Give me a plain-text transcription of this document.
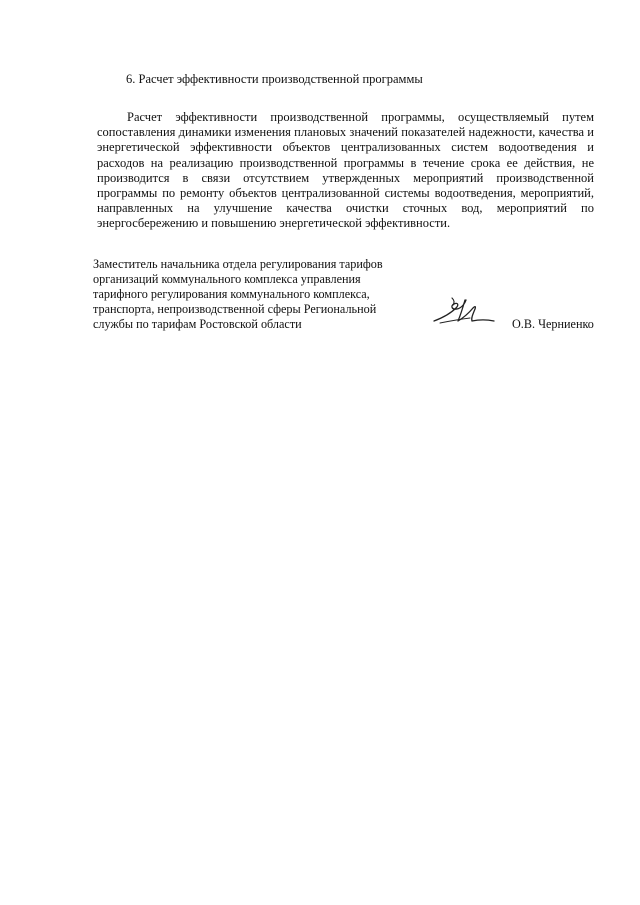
6. Расчет эффективности производственной программы

Расчет эффективности производственной программы, осуществляемый путем сопоставления динамики изменения плановых значений показателей надежности, качества и энергетической эффективности объектов централизованных систем водоотведения и расходов на реализацию производственной программы в течение срока ее действия, не производится в связи отсутствием утвержденных мероприятий производственной программы по ремонту объектов централизованной системы водоотведения, мероприятий, направленных на улучшение качества очистки сточных вод, мероприятий по энергосбережению и повышению энергетической эффективности.

Заместитель начальника отдела регулирования тарифов
организаций коммунального комплекса управления
тарифного регулирования коммунального комплекса,
транспорта, непроизводственной сферы Региональной
службы по тарифам Ростовской области	О.В. Черниенко
